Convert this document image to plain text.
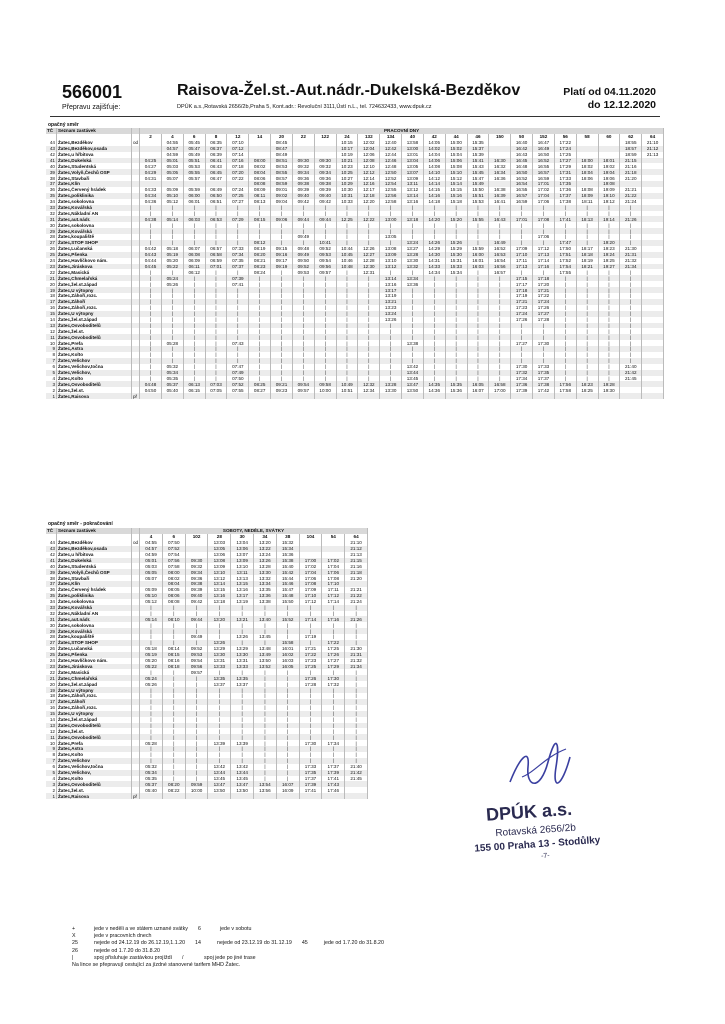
566001	Raisova-Žel.st.-Aut.nádr.-Dukelská-Bezděkov
Přepravu zajišťuje:	DPÚK a.s.,Rotavská 2656/2b,Praha 5, Kont.adr.: Revoluční 3111,Ústí n.L., tel. 724632433, www.dpuk.cz
Platí od 04.11.2020
do 12.12.2020
opačný směr
TČ	Seznam zastávek		PRACOVNÍ DNY																							
			2	4	6	8	12	14	20	22	122	24	132	134	40	42	44	46	150	50	152	56	58	60	62	64
44	Žatec,Bezděkov	od		04:55	05:45	06:35	07:10		08:45			10:15	12:02	12:40	13:58	14:05	15:00	15:35		16:40	16:47	17:22			18:55	21:10
43	Žatec,Bezděkov,osada			04:57	05:47	06:37	07:12		08:47			10:17	12:04	12:42	13:00	14:02	15:02	15:37		16:42	16:49	17:24			18:57	21:12
42	Žatec,u hřbitova			04:59	05:49	06:39	07:14		08:49			10:19	12:06	12:44	13:01	14:04	15:04	15:39		16:43	16:50	17:25			18:59	21:13
41	Žatec,Dukelská		04:25	05:01	05:51	06:41	07:16	08:00	08:51	09:30	09:30	10:21	12:08	12:46	13:04	14:06	15:06	15:41	16:30	16:45	16:52	17:27	18:00	18:01	21:15	
40	Žatec,Studentská		04:27	05:03	05:53	06:43	07:18	08:02	08:53	09:32	09:32	10:23	12:10	12:48	13:05	14:08	15:08	15:43	16:32	16:48	16:55	17:29	18:02	19:02	21:16	
39	Žatec,Volyň,Čechů OSP		04:29	05:05	05:55	06:45	07:20	08:04	08:55	09:34	09:34	10:25	12:12	12:50	13:07	14:10	15:10	15:45	16:34	16:50	16:57	17:31	18:04	19:04	21:18	
38	Žatec,Stavbaři		04:31	05:07	05:57	06:47	07:22	08:06	08:57	09:36	09:36	10:27	12:14	12:52	13:09	14:12	15:12	15:47	16:36	16:52	16:59	17:33	18:06	19:06	21:20	
37	Žatec,Klín							08:08	08:59	09:38	09:38	10:29	12:16	12:54	13:11	14:14	15:14	15:49		16:54	17:01	17:35		19:08		
36	Žatec,Červený hrádek		04:33	05:09	05:59	06:49	07:24	08:09	09:01	09:39	09:39	10:30	12:17	12:55	13:12	14:15	15:15	15:50	16:38	16:55	17:02	17:36	18:08	19:09	21:21	
35	Žatec,poliklinika		04:34	05:10	06:00	06:50	07:25	08:11	09:02	09:40	09:40	10:31	12:18	12:56	13:14	14:16	15:16	15:51	16:39	16:57	17:04	17:37	18:09	19:10	21:22	
34	Žatec,sokolovna		04:36	05:12	06:01	06:51	07:27	08:13	09:04	09:42	09:42	10:33	12:20	12:58	13:16	14:18	15:18	15:53	16:41	16:59	17:06	17:38	18:11	19:12	21:24	
33	Žatec,Kovářská		|	|	|	|	|	|	|	|	|	|	|	|	|	|	|	|	|	|	|	|	|	|	|	
32	Žatec,Nákladní AN		|	|	|	|	|	|	|	|	|	|	|	|	|	|	|	|	|	|	|	|	|	|	|	
31	Žatec,aut.nádr.		04:38	05:14	06:03	06:53	07:29	08:15	09:06	09:44	09:44	12:25	12:22	13:00	13:18	14:20	15:20	15:55	16:43	17:01	17:08	17:41	18:13	19:14	21:26	
30	Žatec,sokolovna		|	|	|	|	|	|	|	|	|	|	|	|	|	|	|	|	|	|	|	|	|	|	|	
29	Žatec,Kovářská		|	|	|	|	|	|	|	|	|	|	|	|	|	|	|	|	|	|	|	|	|	|	|	
28	Žatec,koupaliště		|	|	|	|	|	|	|	09:49	|	|	|	13:05	|	|	|	|	|	|	17:06	|	|	|	|	
27	Žatec,STOP SHOP		|	|	|	|	|	08:12	|	|	10:41	|	|	|	13:24	14:26	15:26	|	16:49	|	|	17:47	|	19:20	|	
26	Žatec,Lučanská		04:42	05:18	06:07	06:57	07:33	08:19	09:15	09:48	09:52	10:44	12:26	13:08	13:27	14:29	15:29	15:59	16:52	17:09	17:12	17:50	18:17	19:23	21:30	
25	Žatec,Pšenka		04:43	05:19	06:08	06:58	07:34	08:20	09:16	09:49	09:53	10:45	12:27	13:09	13:28	14:30	15:30	16:00	16:53	17:10	17:13	17:51	18:18	19:24	21:31	
24	Žatec,Havlíčkovo nám.		04:44	05:20	06:09	06:59	07:35	08:21	09:17	09:50	09:54	10:46	12:28	13:10	13:30	14:31	15:31	16:01	16:54	17:11	17:14	17:52	18:19	19:25	21:32	
23	Žatec,Jiráskova		04:45	05:22	06:11	07:01	07:37	08:23	09:19	09:52	09:56	10:48	12:30	13:12	13:32	14:33	15:33	16:03	16:56	17:13	17:16	17:54	18:21	19:27	21:34	
22	Žatec,Masická		|	|	06:12	|	|	08:24	|	09:53	09:57	|	12:31	|	|	14:34	15:34	|	16:57	|	|	17:55	|	|	|	
21	Žatec,Chmelařská		|	05:24	|	|	07:39	|	|	|	|	|	|	13:14	13:34	|	|	|	|	17:15	17:18	|	|	|	|	
20	Žatec,žel.st.západ		|	05:26	|	|	07:41	|	|	|	|	|	|	13:16	13:36	|	|	|	|	17:17	17:20	|	|	|	|	
19	Žatec,U výtopny		|	|	|	|	|	|	|	|	|	|	|	13:17	|	|	|	|	|	17:18	17:21	|	|	|	|	
18	Žatec,Záhoří,rozc.		|	|	|	|	|	|	|	|	|	|	|	13:19	|	|	|	|	|	17:19	17:22	|	|	|	|	
17	Žatec,Záhoří		|	|	|	|	|	|	|	|	|	|	|	13:21	|	|	|	|	|	17:21	17:24	|	|	|	|	
16	Žatec,Záhoří,rozc.		|	|	|	|	|	|	|	|	|	|	|	13:23	|	|	|	|	|	17:23	17:26	|	|	|	|	
15	Žatec,U výtopny		|	|	|	|	|	|	|	|	|	|	|	13:24	|	|	|	|	|	17:24	17:27	|	|	|	|	
14	Žatec,žel.st.západ		|	|	|	|	|	|	|	|	|	|	|	13:26	|	|	|	|	|	17:26	17:28	|	|	|	|	
13	Žatec,Osvoboditelů		|	|	|	|	|	|	|	|	|	|	|	|	|	|	|	|	|	|	|	|	|	|	|	
12	Žatec,žel.st.		|	|	|	|	|	|	|	|	|	|	|	|	|	|	|	|	|	|	|	|	|	|	|	
11	Žatec,Osvoboditelů		|	|	|	|	|	|	|	|	|	|	|	|	|	|	|	|	|	|	|	|	|	|	|	
10	Žatec,Prefa		|	05:28	|	|	07:43	|	|	|	|	|	|	|	13:38	|	|	|	|	17:27	17:30	|	|	|	|	
9	Žatec,Astra		|	|	|	|	|	|	|	|	|	|	|	|	|	|	|	|	|	|	|	|	|	|	|	
8	Žatec,Kolto		|	|	|	|	|	|	|	|	|	|	|	|	|	|	|	|	|	|	|	|	|	|	|	
7	Žatec,Velichov		|	|	|	|	|	|	|	|	|	|	|	|	|	|	|	|	|	|	|	|	|	|	|	
6	Žatec,Velichov,točna		|	05:32	|	|	07:47	|	|	|	|	|	|	|	13:42	|	|	|	|	17:30	17:33	|	|	|	21:40	
5	Žatec,Velichov,		|	05:34	|	|	07:49	|	|	|	|	|	|	|	13:44	|	|	|	|	17:32	17:35	|	|	|	21:42	
4	Žatec,Kolto		|	05:35	|	|	07:50	|	|	|	|	|	|	|	13:45	|	|	|	|	17:34	17:37	|	|	|	21:45	
3	Žatec,Osvoboditelů		04:48	05:37	06:13	07:03	07:52	08:25	09:21	09:54	09:58	10:49	12:32	13:28	13:47	14:35	15:35	16:05	16:58	17:36	17:38	17:56	18:23	19:28		
2	Žatec,žel.st.		04:50	05:40	06:15	07:05	07:55	08:27	09:23	09:57	10:00	10:51	12:34	13:30	13:50	14:36	15:36	16:07	17:00	17:39	17:42	17:58	18:25	19:30		
1	Žatec,Raisova	př																								
opačný směr - pokračování
TČ	Seznam zastávek		SOBOTY, NEDĚLE, SVÁTKY									
			4	6	102	28	30	34	38	104	54	64
44	Žatec,Bezděkov	od	04:55	07:50		13:03	13:04	13:20	15:32			21:10
43	Žatec,Bezděkov,osada		04:57	07:52		13:05	13:06	13:22	15:34			21:12
42	Žatec,u hřbitova		04:59	07:54		13:06	13:07	13:24	15:36			21:13
41	Žatec,Dukelská		05:01	07:56	09:30	13:08	13:09	13:26	15:38	17:00	17:02	21:15
40	Žatec,Studentská		05:03	07:58	09:32	13:09	13:10	13:28	15:40	17:02	17:04	21:16
39	Žatec,Volyň,Čechů OSP		05:05	08:00	09:34	13:10	13:11	13:30	15:42	17:04	17:06	21:18
38	Žatec,Stavbaři		05:07	08:02	09:36	13:12	13:13	13:32	15:44	17:06	17:08	21:20
37	Žatec,Klín			08:04	09:38	13:14	13:15	13:34	15:46	17:08	17:10	
36	Žatec,Červený hrádek		05:09	08:05	09:39	13:15	13:16	13:35	15:47	17:09	17:11	21:21
35	Žatec,poliklinika		05:10	08:06	09:40	13:16	13:17	13:36	15:48	17:10	17:12	21:22
34	Žatec,sokolovna		05:12	08:08	09:42	13:18	13:19	13:38	15:50	17:12	17:14	21:24
33	Žatec,Kovářská		|	|	|	|	|	|	|	|	|	|
32	Žatec,Nákladní AN		|	|	|	|	|	|	|	|	|	|
31	Žatec,aut.nádr.		05:14	08:10	09:44	13:20	13:21	13:40	15:52	17:14	17:16	21:26
30	Žatec,sokolovna		|	|	|	|	|	|	|	|	|	|
29	Žatec,Kovářská		|	|	|	|	|	|	|	|	|	|
28	Žatec,koupaliště		|	|	09:49	|	13:26	13:45	|	17:19	|	|
27	Žatec,STOP SHOP		|	|	|	13:26	|	|	15:58	|	17:22	|
26	Žatec,Lučanská		05:18	08:14	09:52	13:29	13:29	13:48	16:01	17:21	17:25	21:30
25	Žatec,Pšenka		05:19	08:15	09:53	13:30	13:30	13:49	16:02	17:22	17:26	21:31
24	Žatec,Havlíčkovo nám.		05:20	08:16	09:54	13:31	13:31	13:50	16:03	17:23	17:27	21:32
23	Žatec,Jiráskova		05:22	08:18	09:56	13:33	13:33	13:52	16:05	17:25	17:29	21:34
22	Žatec,Masická		|	|	09:57	|	|	|	|	|	|	|
21	Žatec,Chmelařská		05:24	|	|	13:35	13:35	|	|	17:26	17:30	|
20	Žatec,žel.st.západ		05:26	|	|	13:37	13:37	|	|	17:28	17:32	|
19	Žatec,U výtopny		|	|	|	|	|	|	|	|	|	|
18	Žatec,Záhoří,rozc.		|	|	|	|	|	|	|	|	|	|
17	Žatec,Záhoří		|	|	|	|	|	|	|	|	|	|
16	Žatec,Záhoří,rozc.		|	|	|	|	|	|	|	|	|	|
15	Žatec,U výtopny		|	|	|	|	|	|	|	|	|	|
14	Žatec,žel.st.západ		|	|	|	|	|	|	|	|	|	|
13	Žatec,Osvoboditelů		|	|	|	|	|	|	|	|	|	|
12	Žatec,žel.st.		|	|	|	|	|	|	|	|	|	|
11	Žatec,Osvoboditelů		|	|	|	|	|	|	|	|	|	|
10	Žatec,Prefa		05:28	|	|	13:39	13:39	|	|	17:30	17:34	|
9	Žatec,Astra		|	|	|	|	|	|	|	|	|	|
8	Žatec,Kolto		|	|	|	|	|	|	|	|	|	|
7	Žatec,Velichov		|	|	|	|	|	|	|	|	|	|
6	Žatec,Velichov,točna		05:32	|	|	13:42	13:42	|	|	17:33	17:37	21:40
5	Žatec,Velichov,		05:34	|	|	13:44	13:44	|	|	17:35	17:39	21:42
4	Žatec,Kolto		05:35	|	|	13:45	13:45	|	|	17:37	17:41	21:45
3	Žatec,Osvoboditelů		05:37	08:20	09:59	13:47	13:47	13:54	16:07	17:39	17:43	
2	Žatec,žel.st.		05:40	08:22	10:00	13:50	13:50	13:56	16:09	17:41	17:46	
1	Žatec,Raisova	př										
+	jede v neděli a ve státem uznané svátky 6	jede v sobotu
X	jede v pracovních dnech
25	nejede od 24.12.19 do 26.12.19,1.1.20 14	nejede od 23.12.19 do 31.12.19 45	jede od 1.7.20 do 31.8.20
26	nejede od 1.7.20 do 31.8.20
|	spoj přisluhuje zastávkou projíždí /	spoj jede po jiné trase
Na lince se přepravují cestující za jízdné stanovené tarifem MHD Žatec.
DPÚK a.s.
Rotavská 2656/2b
155 00 Praha 13 - Stodůlky
-7-
